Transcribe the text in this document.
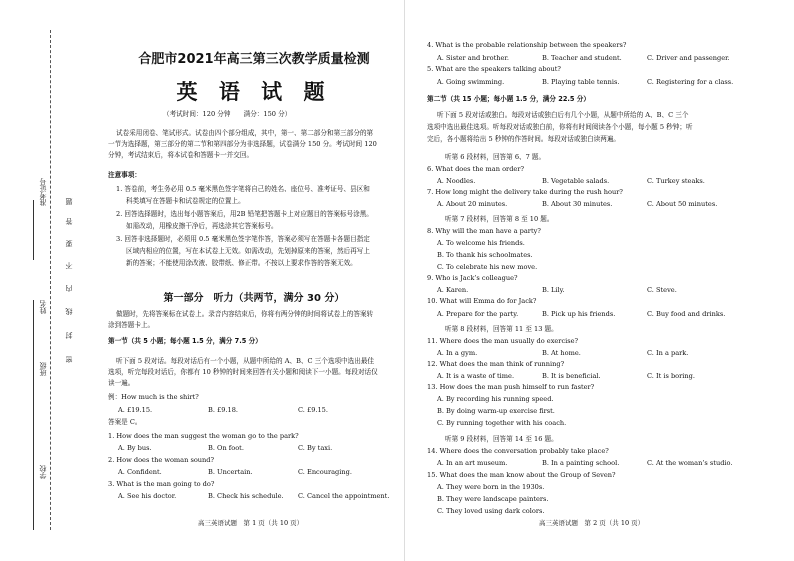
准考证号
姓名
班级
学校
题
答
要
不
内
线
封
密
合肥市2021年高三第三次教学质量检测
英 语 试 题
（考试时间：120 分钟　　满分：150 分）
试卷采用闭卷、笔试形式。试卷由四个部分组成，其中，第一、第二部分和第三部分的第
一节为选择题，第三部分的第二节和第四部分为非选择题，试卷满分 150 分。考试时间 120
分钟，考试结束后，将本试卷和答题卡一并交回。
注意事项：
1. 答卷前，考生务必用 0.5 毫米黑色签字笔将自己的姓名、座位号、准考证号、县区和
科类填写在答题卡和试卷规定的位置上。
2. 回答选择题时，选出每小题答案后，用2B 铅笔把答题卡上对应题目的答案标号涂黑。
如需改动，用橡皮擦干净后，再选涂其它答案标号。
3. 回答非选择题时，必须用 0.5 毫米黑色签字笔作答，答案必须写在答题卡各题目指定
区域内相应的位置，写在本试卷上无效。如需改动，先划掉原来的答案，然后再写上
新的答案；不能使用涂改液、胶带纸、修正带。不按以上要求作答的答案无效。
第一部分　听力（共两节，满分 30 分）
做题时，先将答案标在试卷上。录音内容结束后，你将有两分钟的时间将试卷上的答案转
涂到答题卡上。
第一节（共 5 小题；每小题 1.5 分，满分 7.5 分）
听下面 5 段对话。每段对话后有一个小题，从题中所给的 A、B、C 三个选项中选出最佳
选项，听完每段对话后，你都有 10 秒钟的时间来回答有关小题和阅读下一小题。每段对话仅
读一遍。
例：How much is the shirt?
A. £19.15.	B. £9.18.	C. £9.15.
答案是 C。
1. How does the man suggest the woman go to the park?
A. By bus.	B. On foot.	C. By taxi.
2. How does the woman sound?
A. Confident.	B. Uncertain.	C. Encouraging.
3. What is the man going to do?
A. See his doctor.	B. Check his schedule. C. Cancel the appointment.
高三英语试题　第 1 页（共 10 页）
4. What is the probable relationship between the speakers?
A. Sister and brother.	B. Teacher and student.	C. Driver and passenger.
5. What are the speakers talking about?
A. Going swimming.	B. Playing table tennis.	C. Registering for a class.
第二节（共 15 小题；每小题 1.5 分，满分 22.5 分）
听下面 5 段对话或独白。每段对话或独白后有几个小题，从题中所给的 A、B、C 三个
选项中选出最佳选项。听每段对话或独白前，你将有时间阅读各个小题，每小题 5 秒钟；听
完后，各小题将给出 5 秒钟的作答时间。每段对话或独白读两遍。
听第 6 段材料，回答第 6、7 题。
6. What does the man order?
A. Noodles.	B. Vegetable salads.	C. Turkey steaks.
7. How long might the delivery take during the rush hour?
A. About 20 minutes.	B. About 30 minutes.	C. About 50 minutes.
听第 7 段材料，回答第 8 至 10 题。
8. Why will the man have a party?
A. To welcome his friends.
B. To thank his schoolmates.
C. To celebrate his new move.
9. Who is Jack’s colleague?
A. Karen.	B. Lily.	C. Steve.
10. What will Emma do for Jack?
A. Prepare for the party.	B. Pick up his friends.	C. Buy food and drinks.
听第 8 段材料，回答第 11 至 13 题。
11. Where does the man usually do exercise?
A. In a gym.	B. At home.	C. In a park.
12. What does the man think of running?
A. It is a waste of time.	B. It is beneficial.	C. It is boring.
13. How does the man push himself to run faster?
A. By recording his running speed.
B. By doing warm-up exercise first.
C. By running together with his coach.
听第 9 段材料，回答第 14 至 16 题。
14. Where does the conversation probably take place?
A. In an art museum.	B. In a painting school.	C. At the woman’s studio.
15. What does the man know about the Group of Seven?
A. They were born in the 1930s.
B. They were landscape painters.
C. They loved using dark colors.
高三英语试题　第 2 页（共 10 页）
